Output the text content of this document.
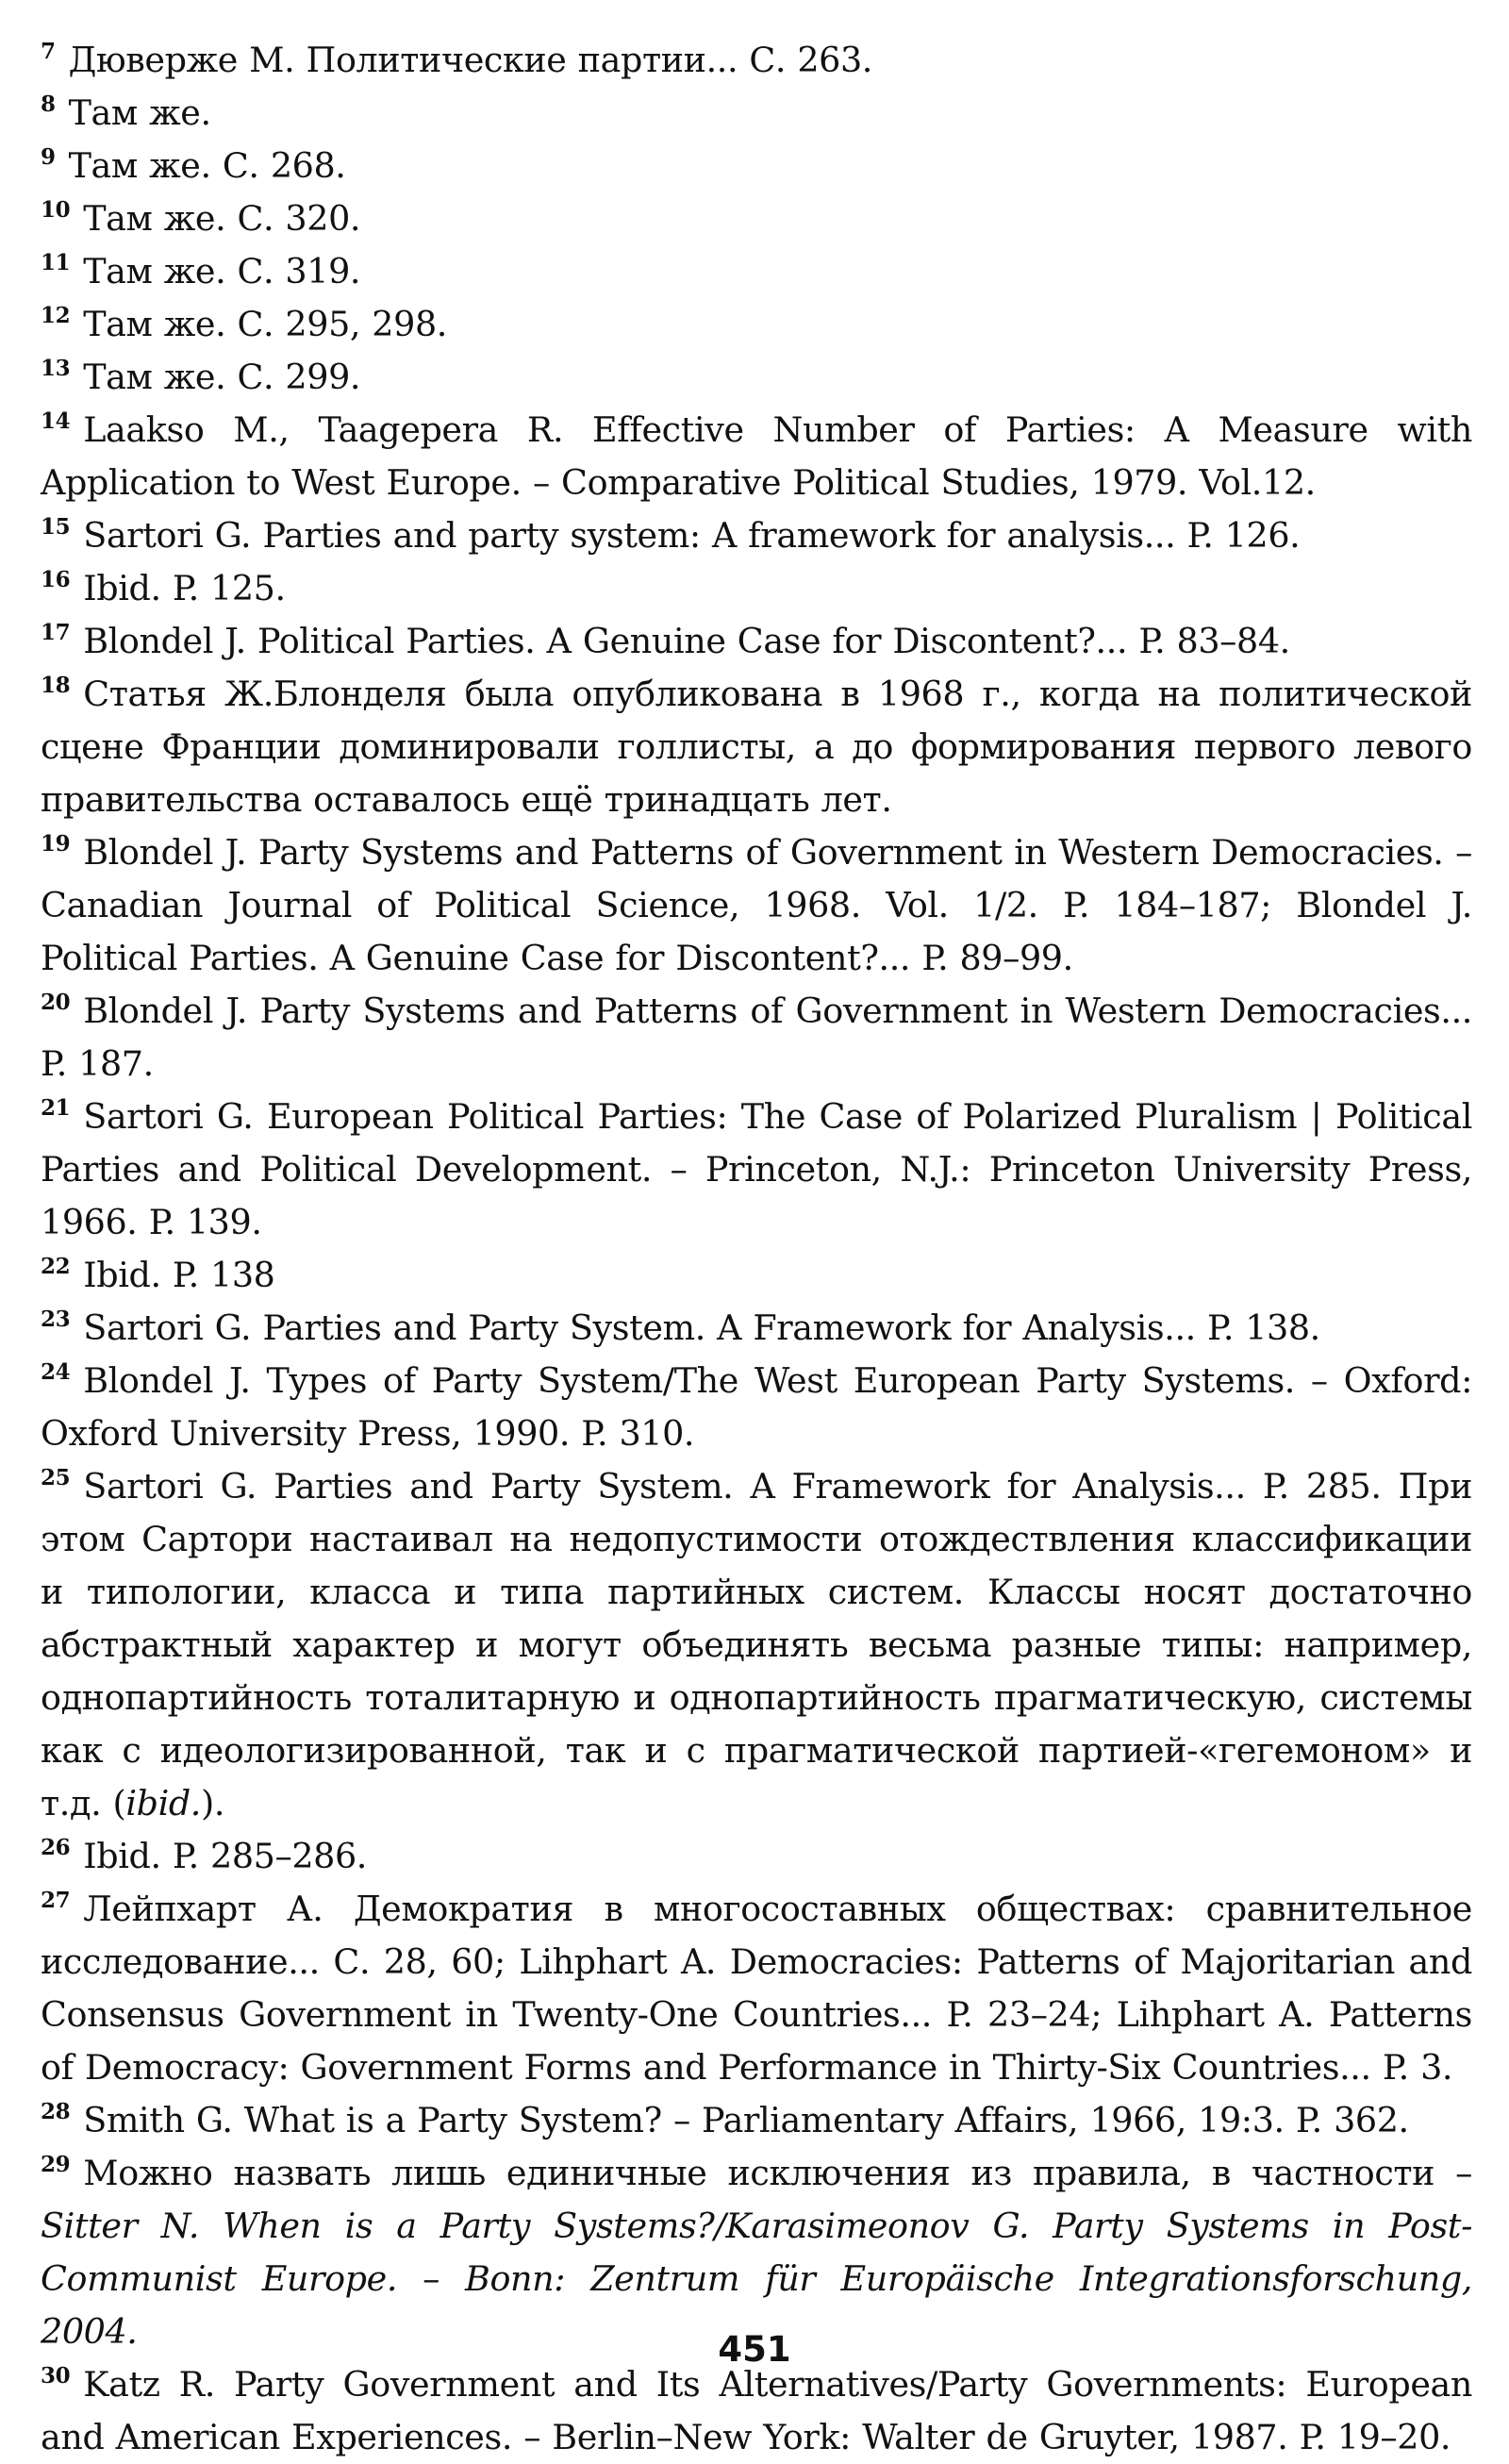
$^7$ Дюверже М. Политические партии... С. 263.

$^8$ Там же.

$^9$ Там же. С. 268.

$^{10}$ Там же. С. 320.

$^{11}$ Там же. С. 319.

$^{12}$ Там же. С. 295, 298.

$^{13}$ Там же. С. 299.

$^{14}$ Laakso M., Taagepera R. Effective Number of Parties: A Measure with Application to West Europe. – Comparative Political Studies, 1979. Vol.12.

$^{15}$ Sartori G. Parties and party system: A framework for analysis... P. 126.

$^{16}$ Ibid. P. 125.

$^{17}$ Blondel J. Political Parties. A Genuine Case for Discontent?... P. 83–84.

$^{18}$ Статья Ж.Блонделя была опубликована в 1968 г., когда на политической сцене Франции доминировали голлисты, а до формирования первого левого правительства оставалось ещё тринадцать лет.

$^{19}$ Blondel J. Party Systems and Patterns of Government in Western Democracies. – Canadian Journal of Political Science, 1968. Vol. 1/2. P. 184–187; Blondel J. Political Parties. A Genuine Case for Discontent?... P. 89–99.

$^{20}$ Blondel J. Party Systems and Patterns of Government in Western Democracies... P. 187.

$^{21}$ Sartori G. European Political Parties: The Case of Polarized Pluralism | Political Parties and Political Development. – Princeton, N.J.: Princeton University Press, 1966. P. 139.

$^{22}$ Ibid. P. 138

$^{23}$ Sartori G. Parties and Party System. A Framework for Analysis... P. 138.

$^{24}$ Blondel J. Types of Party System/The West European Party Systems. – Oxford: Oxford University Press, 1990. P. 310.

$^{25}$ Sartori G. Parties and Party System. A Framework for Analysis... P. 285. При этом Сартори настаивал на недопустимости отождествления классификации и типологии, класса и типа партийных систем. Классы носят достаточно абстрактный характер и могут объединять весьма разные типы: например, однопартийность тоталитарную и однопартийность прагматическую, системы как с идеологизированной, так и с прагматической партией-«гегемоном» и т.д. (ibid.).

$^{26}$ Ibid. P. 285–286.

$^{27}$ Лейпхарт А. Демократия в многосоставных обществах: сравнительное исследование... С. 28, 60; Lihphart A. Democracies: Patterns of Majoritarian and Consensus Government in Twenty-One Countries... P. 23–24; Lihphart A. Patterns of Democracy: Government Forms and Performance in Thirty-Six Countries... P. 3.

$^{28}$ Smith G. What is a Party System? – Parliamentary Affairs, 1966, 19:3. P. 362.

$^{29}$ Можно назвать лишь единичные исключения из правила, в частности – Sitter N. When is a Party Systems?/Karasimeonov G. Party Systems in Post-Communist Europe. – Bonn: Zentrum für Europäische Integrationsforschung, 2004.

$^{30}$ Katz R. Party Government and Its Alternatives/Party Governments: European and American Experiences. – Berlin–New York: Walter de Gruyter, 1987. P. 19–20.

451
